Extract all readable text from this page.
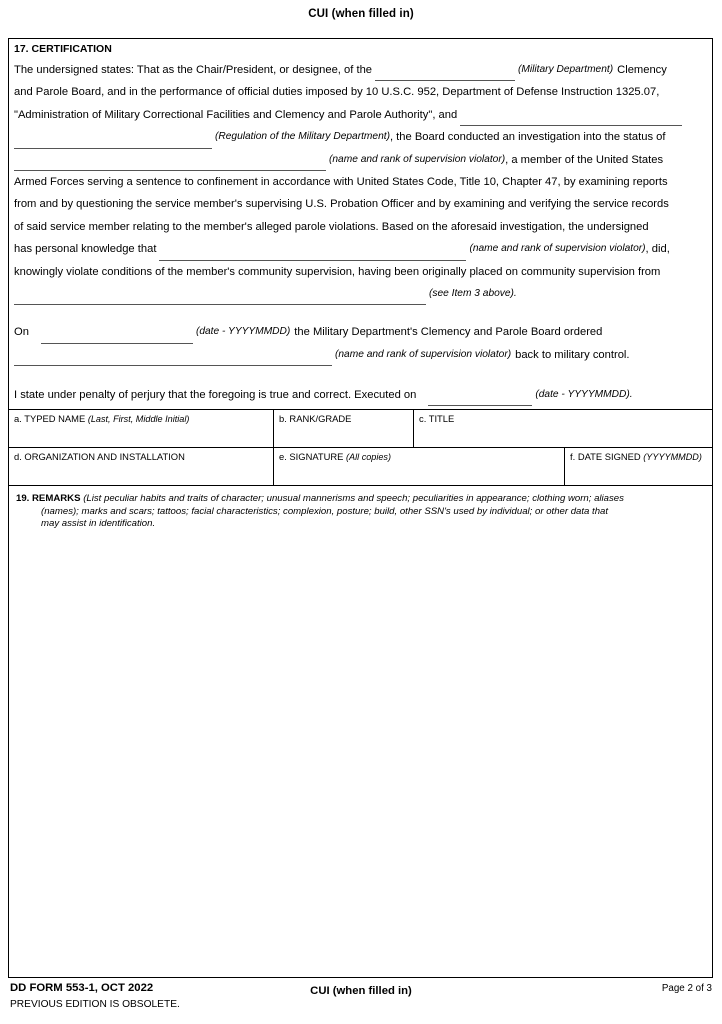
CUI (when filled in)
17. CERTIFICATION
The undersigned states: That as the Chair/President, or designee, of the	(Military Department) Clemency
and Parole Board, and in the performance of official duties imposed by 10 U.S.C. 952, Department of Defense Instruction 1325.07,
"Administration of Military Correctional Facilities and Clemency and Parole Authority", and
(Regulation of the Military Department) , the Board conducted an investigation into the status of
(name and rank of supervision violator) , a member of the United States
Armed Forces serving a sentence to confinement in accordance with United States Code, Title 10, Chapter 47, by examining reports
from and by questioning the service member's supervising U.S. Probation Officer and by examining and verifying the service records
of said service member relating to the member's alleged parole violations. Based on the aforesaid investigation, the undersigned
has personal knowledge that	(name and rank of supervision violator) , did,
knowingly violate conditions of the member's community supervision, having been originally placed on community supervision from
(see Item 3 above).
On	(date - YYYYMMDD) the Military Department's Clemency and Parole Board ordered
(name and rank of supervision violator) back to military control.
I state under penalty of perjury that the foregoing is true and correct. Executed on	(date - YYYYMMDD).
a. TYPED NAME (Last, First, Middle Initial)	b. RANK/GRADE	c. TITLE
d. ORGANIZATION AND INSTALLATION	e. SIGNATURE (All copies)	f. DATE SIGNED (YYYYMMDD)
19. REMARKS (List peculiar habits and traits of character; unusual mannerisms and speech; peculiarities in appearance; clothing worn; aliases
(names); marks and scars; tattoos; facial characteristics; complexion, posture; build, other SSN's used by individual; or other data that
may assist in identification.
DD FORM 553-1, OCT 2022
PREVIOUS EDITION IS OBSOLETE.
CUI (when filled in)	Page 2 of 3
